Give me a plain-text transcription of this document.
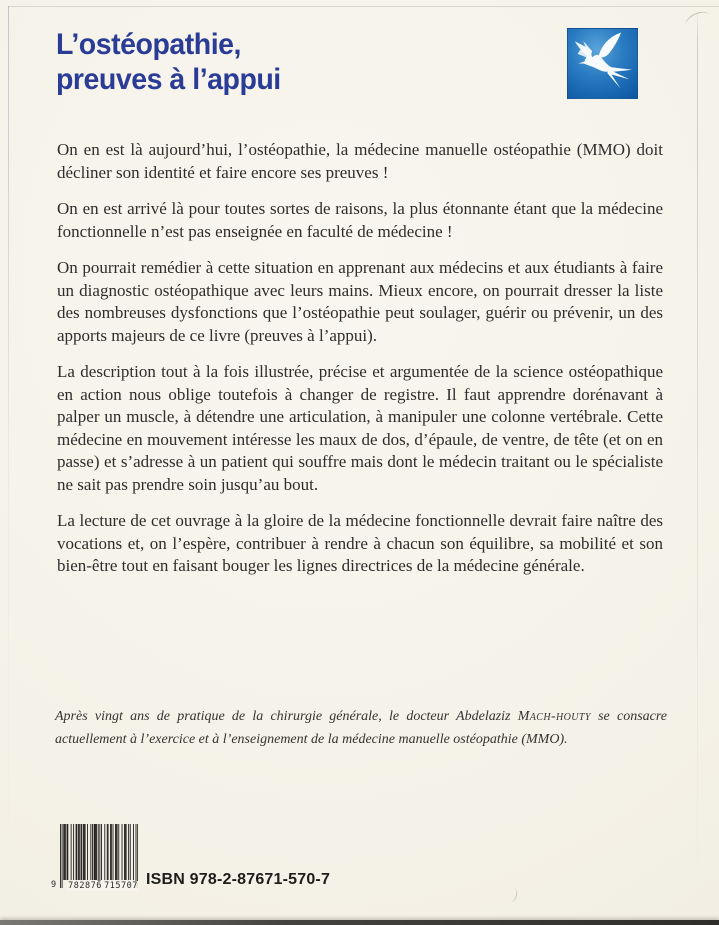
L’ostéopathie,
preuves à l’appui

On en est là aujourd’hui, l’ostéopathie, la médecine manuelle ostéopathie (MMO) doit décliner son identité et faire encore ses preuves !

On en est arrivé là pour toutes sortes de raisons, la plus étonnante étant que la médecine fonctionnelle n’est pas enseignée en faculté de médecine !

On pourrait remédier à cette situation en apprenant aux médecins et aux étudiants à faire un diagnostic ostéopathique avec leurs mains. Mieux encore, on pourrait dresser la liste des nombreuses dysfonctions que l’ostéopathie peut soulager, guérir ou prévenir, un des apports majeurs de ce livre (preuves à l’appui).

La description tout à la fois illustrée, précise et argumentée de la science ostéopathique en action nous oblige toutefois à changer de registre. Il faut apprendre dorénavant à palper un muscle, à détendre une articulation, à manipuler une colonne vertébrale. Cette médecine en mouvement intéresse les maux de dos, d’épaule, de ventre, de tête (et on en passe) et s’adresse à un patient qui souffre mais dont le médecin traitant ou le spécialiste ne sait pas prendre soin jusqu’au bout.

La lecture de cet ouvrage à la gloire de la médecine fonctionnelle devrait faire naître des vocations et, on l’espère, contribuer à rendre à chacun son équilibre, sa mobilité et son bien-être tout en faisant bouger les lignes directrices de la médecine générale.

Après vingt ans de pratique de la chirurgie générale, le docteur Abdelaziz Mach-houty se consacre actuellement à l’exercice et à l’enseignement de la médecine manuelle ostéopathie (MMO).
9 782876 715707 ISBN 978-2-87671-570-7
